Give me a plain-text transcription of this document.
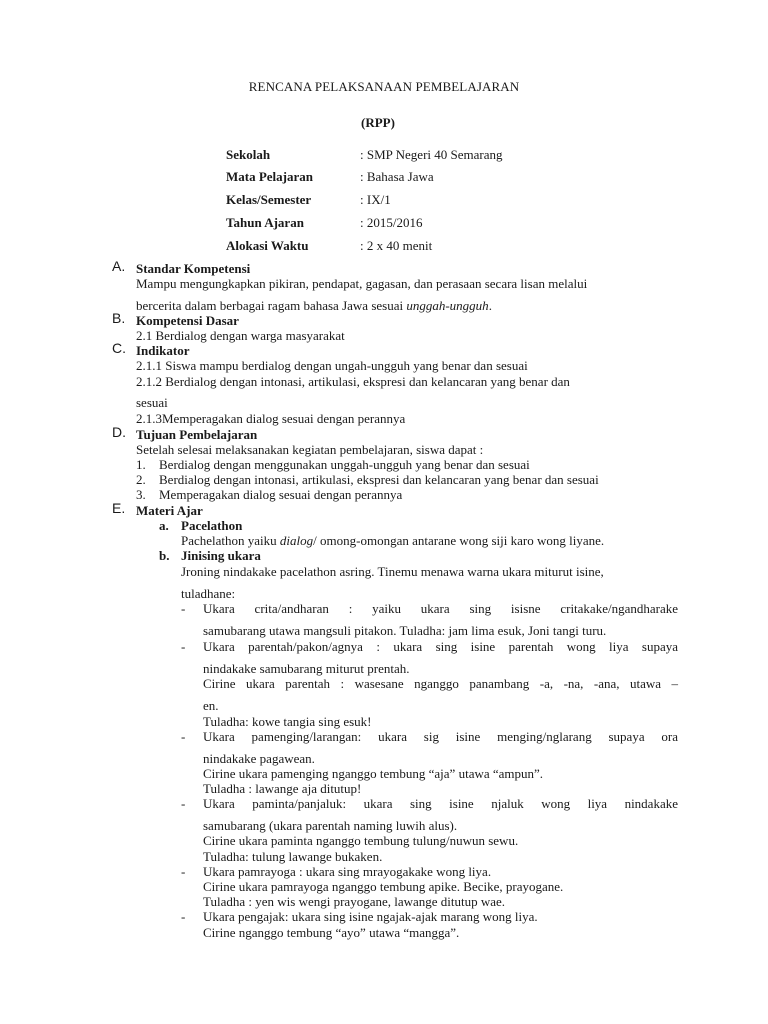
RENCANA PELAKSANAAN PEMBELAJARAN
(RPP)
Sekolah	: SMP Negeri 40 Semarang
Mata Pelajaran	: Bahasa Jawa
Kelas/Semester	: IX/1
Tahun Ajaran	: 2015/2016
Alokasi Waktu	: 2 x 40 menit
A. Standar Kompetensi
Mampu mengungkapkan pikiran, pendapat, gagasan, dan perasaan secara lisan melalui
bercerita dalam berbagai ragam bahasa Jawa sesuai unggah-ungguh.
B. Kompetensi Dasar
2.1 Berdialog dengan warga masyarakat
C. Indikator
2.1.1 Siswa mampu berdialog dengan ungah-ungguh yang benar dan sesuai
2.1.2 Berdialog dengan intonasi, artikulasi, ekspresi dan kelancaran yang benar dan
sesuai
2.1.3Memperagakan dialog sesuai dengan perannya
D. Tujuan Pembelajaran
Setelah selesai melaksanakan kegiatan pembelajaran, siswa dapat :
1. Berdialog dengan menggunakan unggah-ungguh yang benar dan sesuai
2. Berdialog dengan intonasi, artikulasi, ekspresi dan kelancaran yang benar dan sesuai
3. Memperagakan dialog sesuai dengan perannya
E. Materi Ajar
a. Pacelathon
Pachelathon yaiku dialog/ omong-omongan antarane wong siji karo wong liyane.
b. Jinising ukara
Jroning nindakake pacelathon asring. Tinemu menawa warna ukara miturut isine,
tuladhane:
- Ukara crita/andharan : yaiku ukara sing isisne critakake/ngandharake
samubarang utawa mangsuli pitakon. Tuladha: jam lima esuk, Joni tangi turu.
- Ukara parentah/pakon/agnya : ukara sing isine parentah wong liya supaya
nindakake samubarang miturut prentah.
Cirine ukara parentah : wasesane nganggo panambang -a, -na, -ana, utawa –
en.
Tuladha: kowe tangia sing esuk!
- Ukara pamenging/larangan: ukara sig isine menging/nglarang supaya ora
nindakake pagawean.
Cirine ukara pamenging nganggo tembung “aja” utawa “ampun”.
Tuladha : lawange aja ditutup!
- Ukara paminta/panjaluk: ukara sing isine njaluk wong liya nindakake
samubarang (ukara parentah naming luwih alus).
Cirine ukara paminta nganggo tembung tulung/nuwun sewu.
Tuladha: tulung lawange bukaken.
- Ukara pamrayoga : ukara sing mrayogakake wong liya.
Cirine ukara pamrayoga nganggo tembung apike. Becike, prayogane.
Tuladha : yen wis wengi prayogane, lawange ditutup wae.
- Ukara pengajak: ukara sing isine ngajak-ajak marang wong liya.
Cirine nganggo tembung “ayo” utawa “mangga”.
